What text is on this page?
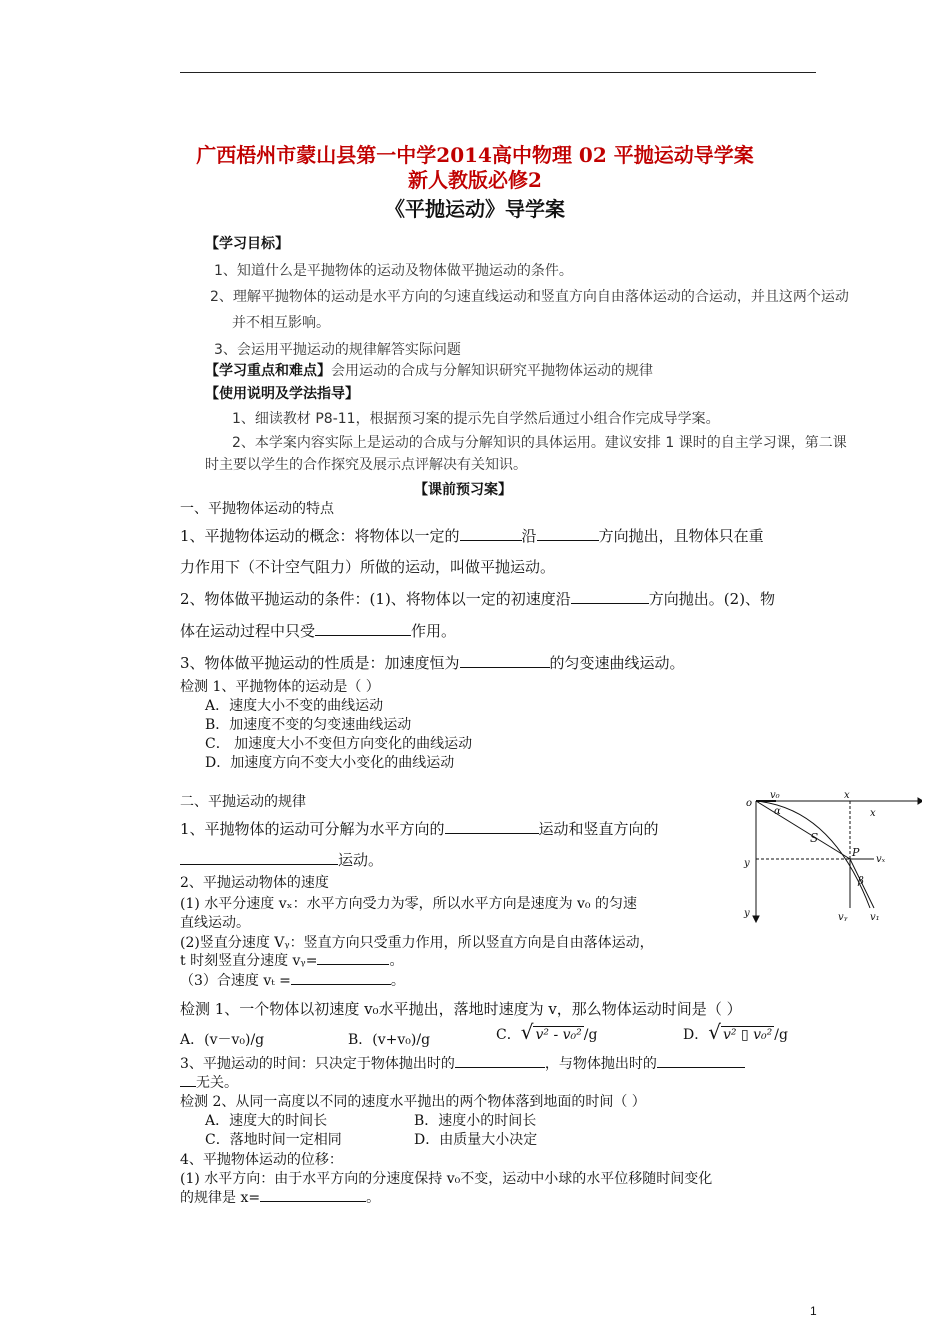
广西梧州市蒙山县第一中学2014高中物理 02 平抛运动导学案
新人教版必修2
《平抛运动》导学案
【学习目标】
1、知道什么是平抛物体的运动及物体做平抛运动的条件。
2、理解平抛物体的运动是水平方向的匀速直线运动和竖直方向自由落体运动的合运动，并且这两个运动
并不相互影响。
3、会运用平抛运动的规律解答实际问题
【学习重点和难点】会用运动的合成与分解知识研究平抛物体运动的规律
【使用说明及学法指导】
1、细读教材 P8-11，根据预习案的提示先自学然后通过小组合作完成导学案。
2、本学案内容实际上是运动的合成与分解知识的具体运用。建议安排 1 课时的自主学习课，第二课
时主要以学生的合作探究及展示点评解决有关知识。
【课前预习案】
一、平抛物体运动的特点
1、平抛物体运动的概念：将物体以一定的	沿	方向抛出，且物体只在重
力作用下（不计空气阻力）所做的运动，叫做平抛运动。
2、物体做平抛运动的条件：(1)、将物体以一定的初速度沿	方向抛出。(2)、物
体在运动过程中只受	作用。
3、物体做平抛运动的性质是：加速度恒为	的匀变速曲线运动。
检测 1、平抛物体的运动是（ ）
A．速度大小不变的曲线运动
B．加速度不变的匀变速曲线运动
C． 加速度大小不变但方向变化的曲线运动
D．加速度方向不变大小变化的曲线运动
二、平抛运动的规律
1、平抛物体的运动可分解为水平方向的	运动和竖直方向的
运动。
2、平抛运动物体的速度
(1) 水平分速度 vₓ：水平方向受力为零，所以水平方向是速度为 v₀ 的匀速
直线运动。
(2)竖直分速度 Vᵧ：竖直方向只受重力作用，所以竖直方向是自由落体运动，
t 时刻竖直分速度 vᵧ=	。
（3）合速度 vₜ =	。
检测 1、一个物体以初速度 v₀水平抛出，落地时速度为 v，那么物体运动时间是（ ）
A．(v－v₀)/g	B．(v+v₀)/g	C．√ v² - v₀² /g	D．√ v² ▯ v₀² /g
3、平抛运动的时间：只决定于物体抛出时的	，与物体抛出时的
无关。
检测 2、从同一高度以不同的速度水平抛出的两个物体落到地面的时间（ ）
A．速度大的时间长	B．速度小的时间长
C．落地时间一定相同	D．由质量大小决定
4、平抛物体运动的位移：
(1) 水平方向：由于水平方向的分速度保持 v₀不变，运动中小球的水平位移随时间变化
的规律是 x=	。
o
v₀	x
x
α
S
P
vₓ
y
β
y	vᵧ v₁
1
